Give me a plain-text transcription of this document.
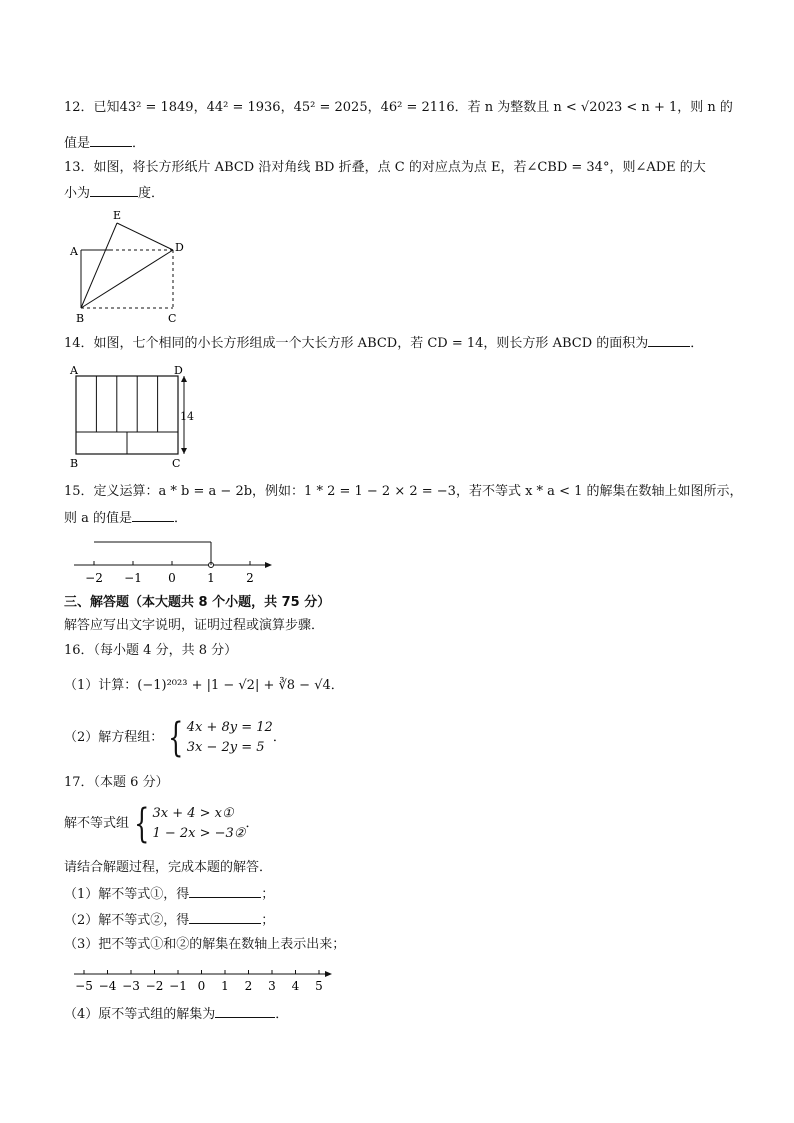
12．已知43² = 1849，44² = 1936，45² = 2025，46² = 2116．若 n 为整数且 n < √2023 < n + 1，则 n 的
值是	．
13．如图，将长方形纸片 ABCD 沿对角线 BD 折叠，点 C 的对应点为点 E，若∠CBD = 34°，则∠ADE 的大
小为	度．
E
A	D
B	C
14．如图，七个相同的小长方形组成一个大长方形 ABCD，若 CD = 14，则长方形 ABCD 的面积为	．
14
A	D
B	C
15．定义运算：a * b = a − 2b，例如：1 * 2 = 1 − 2 × 2 = −3，若不等式 x * a < 1 的解集在数轴上如图所示，
则 a 的值是	．
−2 −1 0	1	2
三、解答题（本大题共 8 个小题，共 75 分）
解答应写出文字说明，证明过程或演算步骤．
16．（每小题 4 分，共 8 分）
（1）计算：(−1)²⁰²³ + |1 − √2| + ∛8 − √4．
（2）解方程组： { 4x + 8y = 12
3x − 2y = 5
．
17．（本题 6 分）
解不等式组 { 3x + 4 > x①
1 − 2x > −3②
．
请结合解题过程，完成本题的解答．
（1）解不等式①，得	；
（2）解不等式②，得	；
（3）把不等式①和②的解集在数轴上表示出来；
−5 −4 −3 −2 −1 0 1 2 3 4 5
（4）原不等式组的解集为	．
